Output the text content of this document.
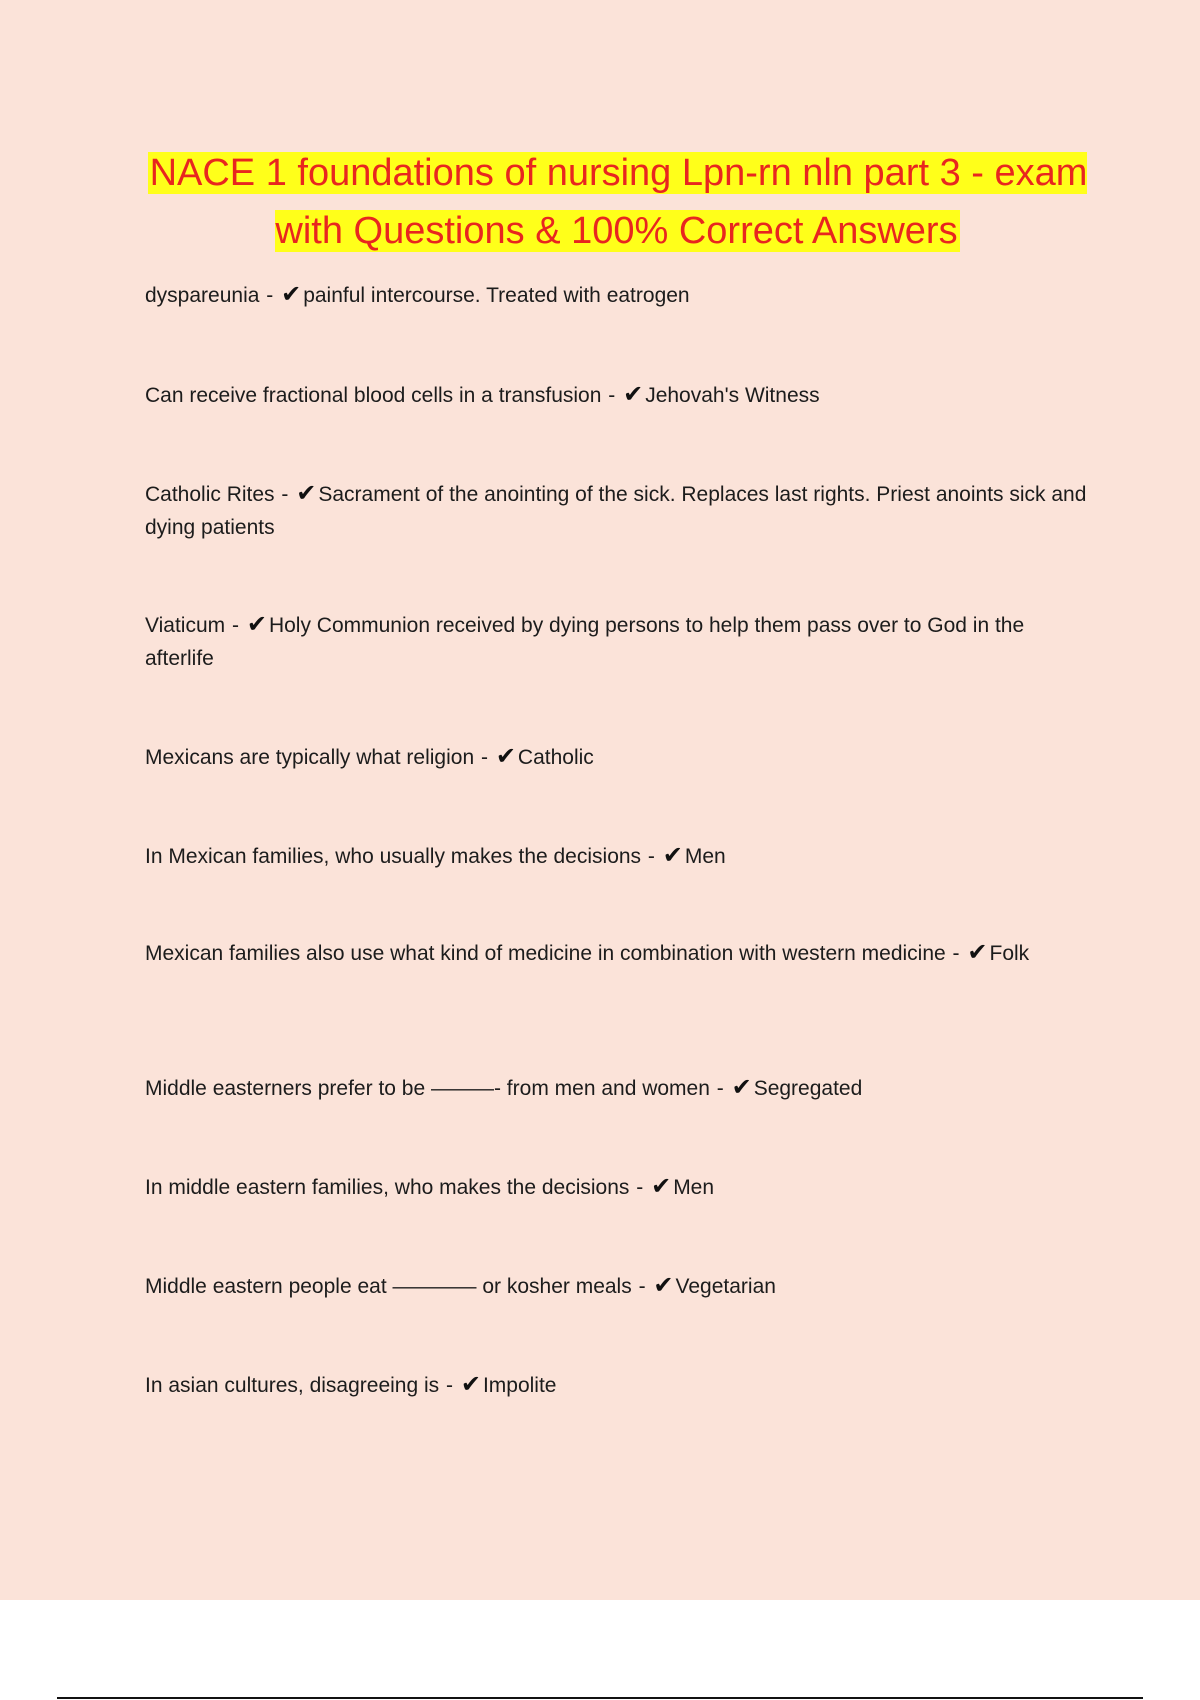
NACE 1 foundations of nursing Lpn-rn nln part 3 - exam with Questions & 100% Correct Answers
dyspareunia - ✔painful intercourse. Treated with eatrogen
Can receive fractional blood cells in a transfusion - ✔Jehovah's Witness
Catholic Rites - ✔Sacrament of the anointing of the sick. Replaces last rights. Priest anoints sick and dying patients
Viaticum - ✔Holy Communion received by dying persons to help them pass over to God in the afterlife
Mexicans are typically what religion - ✔Catholic
In Mexican families, who usually makes the decisions - ✔Men
Mexican families also use what kind of medicine in combination with western medicine - ✔Folk
Middle easterners prefer to be ———- from men and women - ✔Segregated
In middle eastern families, who makes the decisions - ✔Men
Middle eastern people eat ———— or kosher meals - ✔Vegetarian
In asian cultures, disagreeing is - ✔Impolite
